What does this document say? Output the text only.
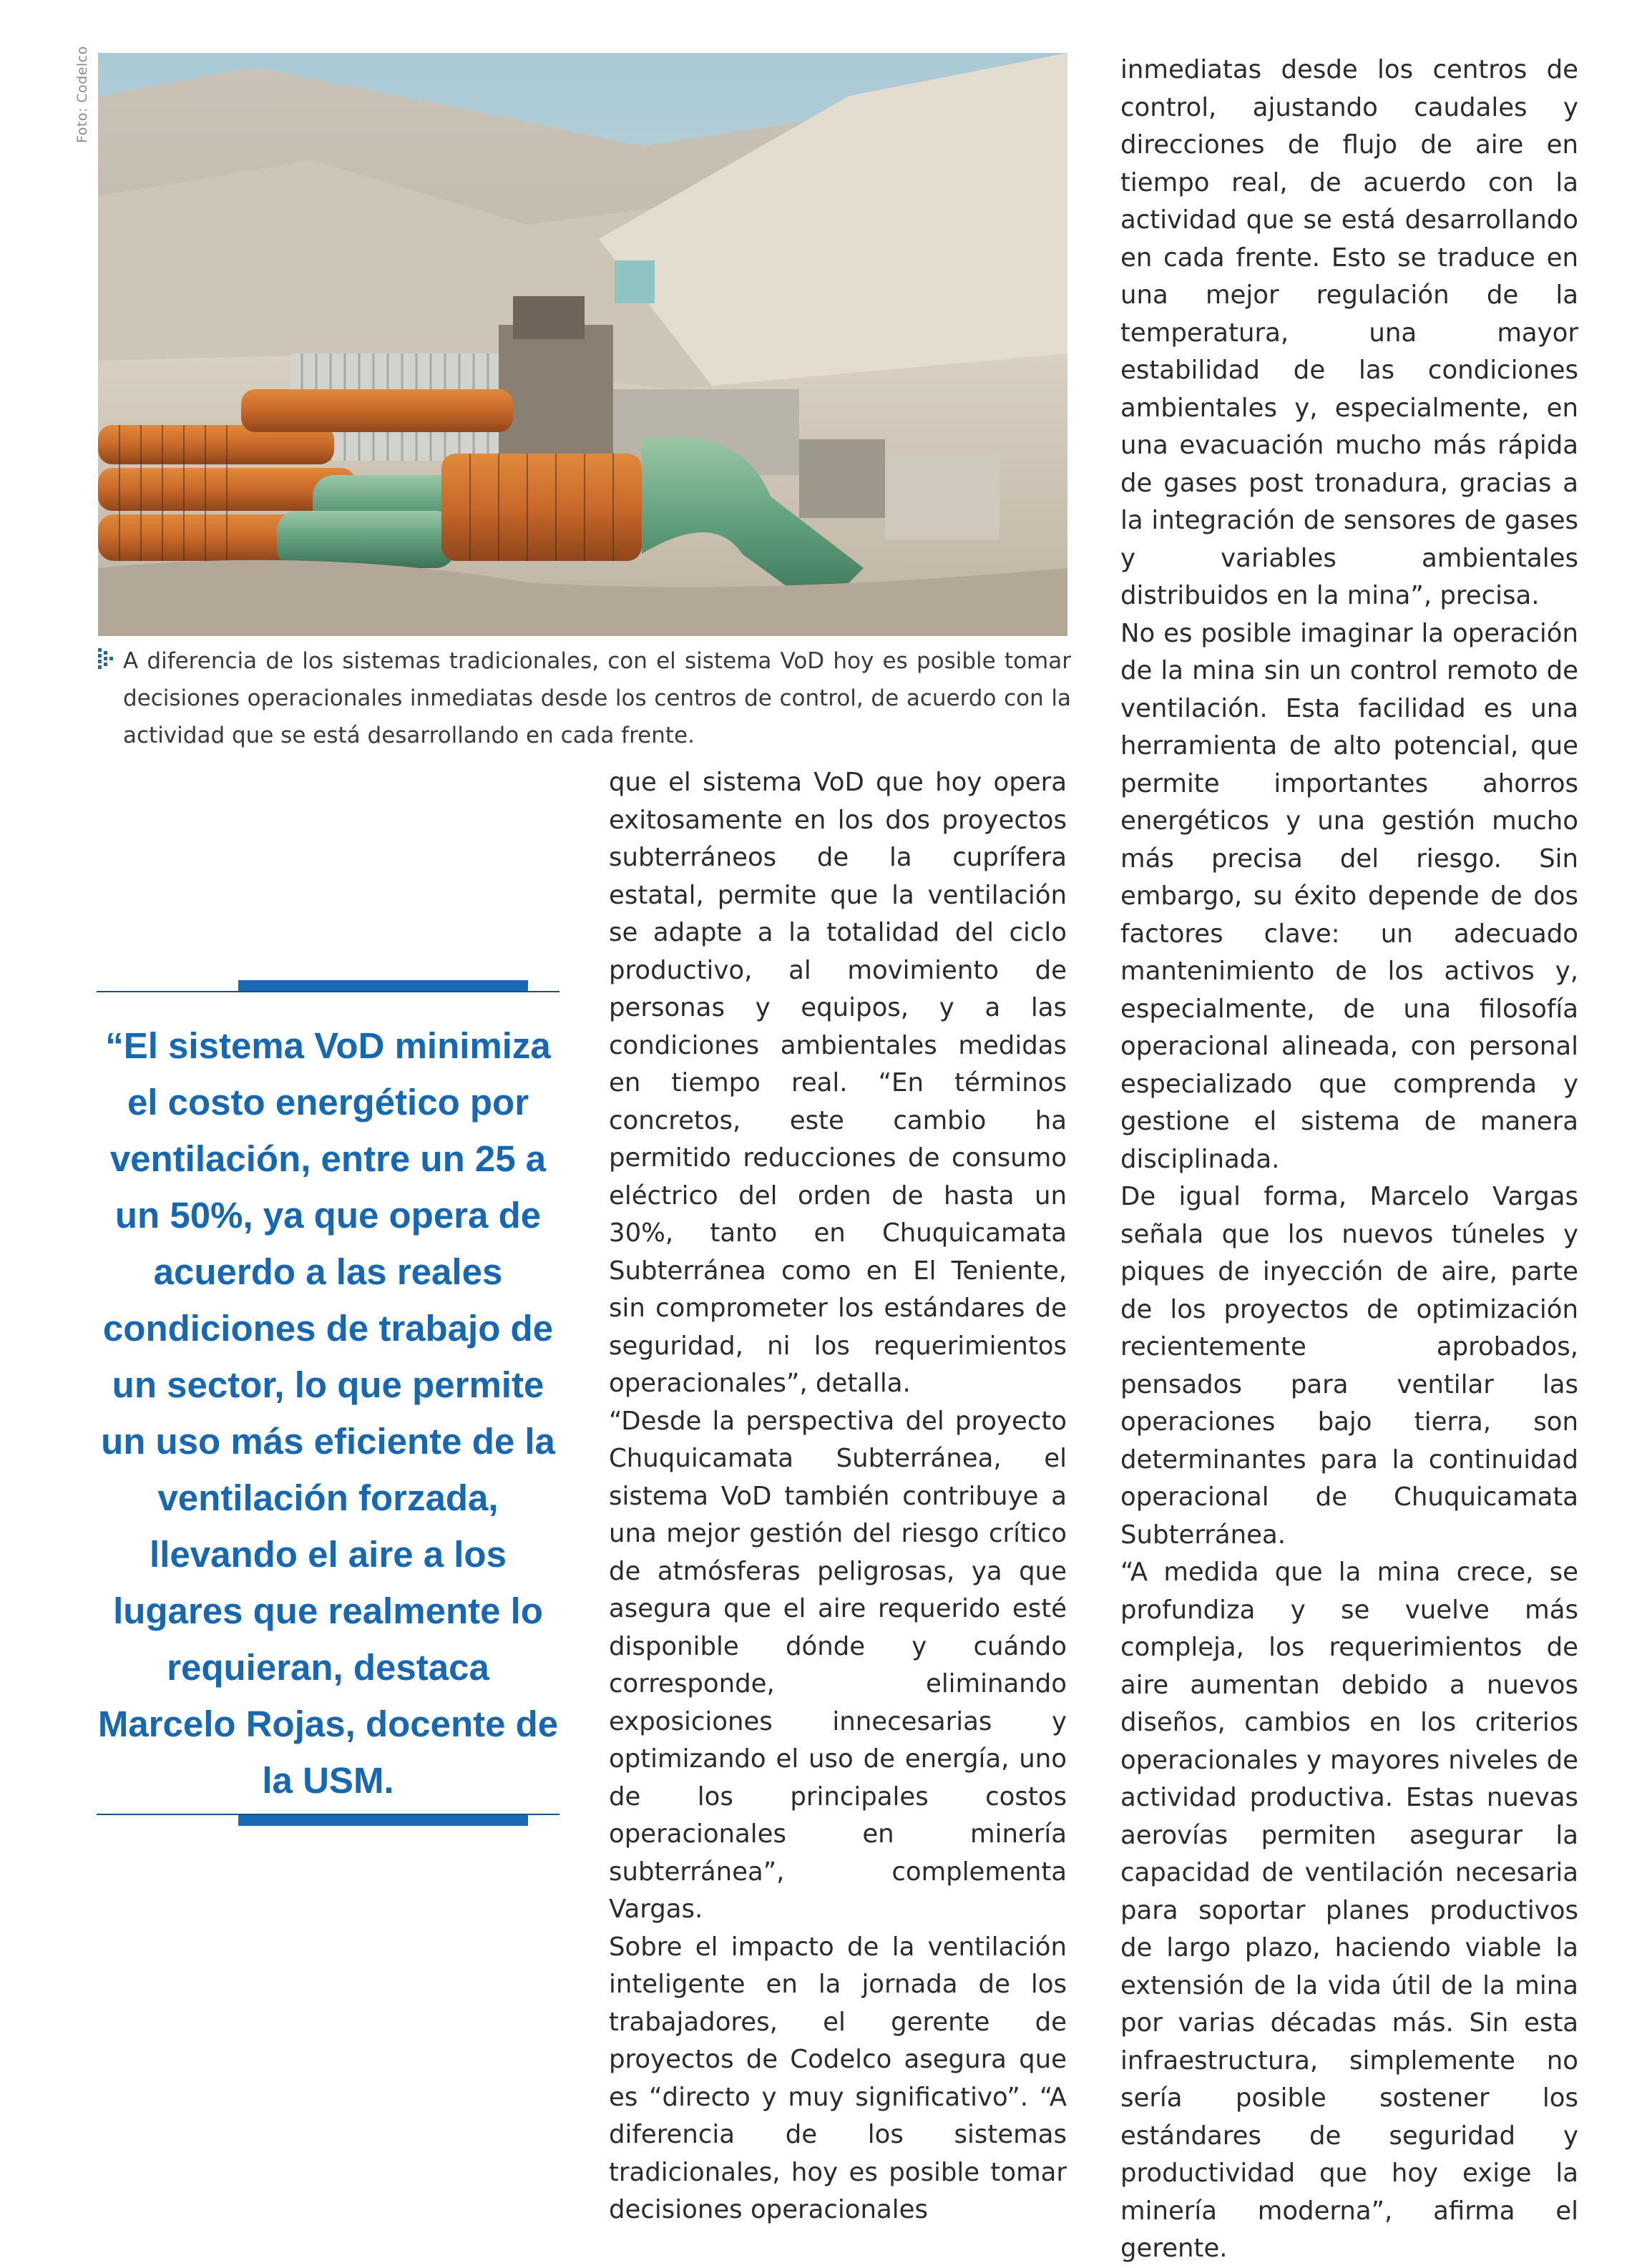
Foto: Codelco
A diferencia de los sistemas tradicionales, con el sistema VoD hoy es posible tomar decisiones operacionales inmediatas desde los centros de control, de acuerdo con la actividad que se está desarrollando en cada frente.

“El sistema VoD minimiza el costo energético por ventilación, entre un 25 a un 50%, ya que opera de acuerdo a las reales condiciones de trabajo de un sector, lo que permite un uso más eficiente de la ventilación forzada, llevando el aire a los lugares que realmente lo requieran, destaca Marcelo Rojas, docente de la USM.

que el sistema VoD que hoy opera exitosamente en los dos proyectos subterráneos de la cuprífera estatal, permite que la ventilación se adapte a la totalidad del ciclo productivo, al movimiento de personas y equipos, y a las condiciones ambientales medidas en tiempo real. “En términos concretos, este cambio ha permitido reducciones de consumo eléctrico del orden de hasta un 30%, tanto en Chuquicamata Subterránea como en El Teniente, sin comprometer los estándares de seguridad, ni los requerimientos operacionales”, detalla.

“Desde la perspectiva del proyecto Chuquicamata Subterránea, el sistema VoD también contribuye a una mejor gestión del riesgo crítico de atmósferas peligrosas, ya que asegura que el aire requerido esté disponible dónde y cuándo corresponde, eliminando exposiciones innecesarias y optimizando el uso de energía, uno de los principales costos operacionales en minería subterránea”, complementa Vargas.

Sobre el impacto de la ventilación inteligente en la jornada de los trabajadores, el gerente de proyectos de Codelco asegura que es “directo y muy significativo”. “A diferencia de los sistemas tradicionales, hoy es posible tomar decisiones operacionales

inmediatas desde los centros de control, ajustando caudales y direcciones de flujo de aire en tiempo real, de acuerdo con la actividad que se está desarrollando en cada frente. Esto se traduce en una mejor regulación de la temperatura, una mayor estabilidad de las condiciones ambientales y, especialmente, en una evacuación mucho más rápida de gases post tronadura, gracias a la integración de sensores de gases y variables ambientales distribuidos en la mina”, precisa.

No es posible imaginar la operación de la mina sin un control remoto de ventilación. Esta facilidad es una herramienta de alto potencial, que permite importantes ahorros energéticos y una gestión mucho más precisa del riesgo. Sin embargo, su éxito depende de dos factores clave: un adecuado mantenimiento de los activos y, especialmente, de una filosofía operacional alineada, con personal especializado que comprenda y gestione el sistema de manera disciplinada.

De igual forma, Marcelo Vargas señala que los nuevos túneles y piques de inyección de aire, parte de los proyectos de optimización recientemente aprobados, pensados para ventilar las operaciones bajo tierra, son determinantes para la continuidad operacional de Chuquicamata Subterránea.

“A medida que la mina crece, se profundiza y se vuelve más compleja, los requerimientos de aire aumentan debido a nuevos diseños, cambios en los criterios operacionales y mayores niveles de actividad productiva. Estas nuevas aerovías permiten asegurar la capacidad de ventilación necesaria para soportar planes productivos de largo plazo, haciendo viable la extensión de la vida útil de la mina por varias décadas más. Sin esta infraestructura, simplemente no sería posible sostener los estándares de seguridad y productividad que hoy exige la minería moderna”, afirma el gerente.
